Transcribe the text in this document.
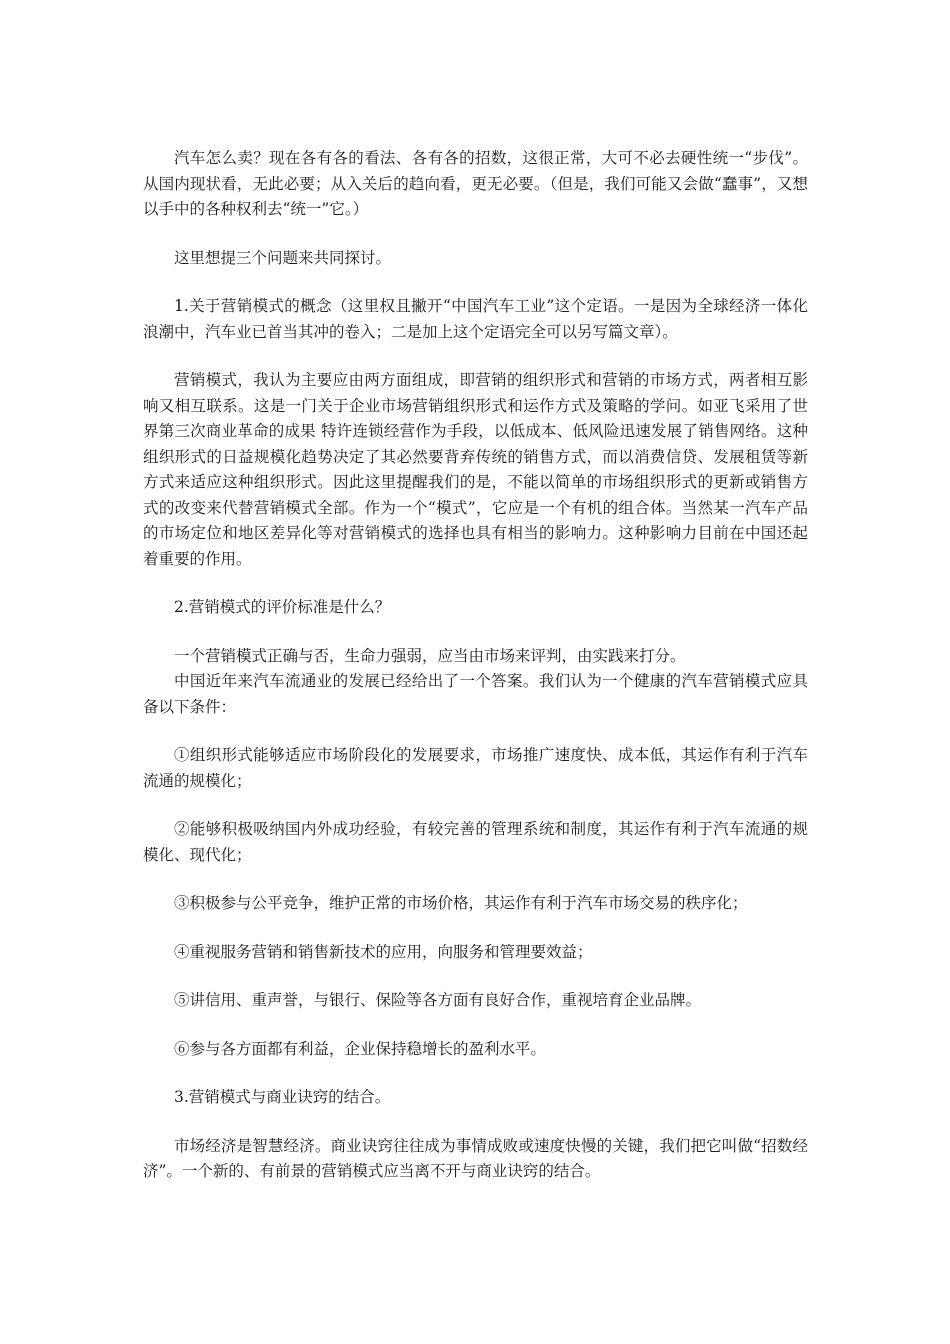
汽车怎么卖？现在各有各的看法、各有各的招数，这很正常，大可不必去硬性统一“步伐”。从国内现状看，无此必要；从入关后的趋向看，更无必要。（但是，我们可能又会做“蠢事”，又想以手中的各种权利去“统一”它。）

这里想提三个问题来共同探讨。

1.关于营销模式的概念（这里权且撇开“中国汽车工业”这个定语。一是因为全球经济一体化浪潮中，汽车业已首当其冲的卷入；二是加上这个定语完全可以另写篇文章）。

营销模式，我认为主要应由两方面组成，即营销的组织形式和营销的市场方式，两者相互影响又相互联系。这是一门关于企业市场营销组织形式和运作方式及策略的学问。如亚飞采用了世界第三次商业革命的成果 特许连锁经营作为手段，以低成本、低风险迅速发展了销售网络。这种组织形式的日益规模化趋势决定了其必然要背弃传统的销售方式，而以消费信贷、发展租赁等新方式来适应这种组织形式。因此这里提醒我们的是，不能以简单的市场组织形式的更新或销售方式的改变来代替营销模式全部。作为一个“模式”，它应是一个有机的组合体。当然某一汽车产品的市场定位和地区差异化等对营销模式的选择也具有相当的影响力。这种影响力目前在中国还起着重要的作用。

2.营销模式的评价标准是什么？

一个营销模式正确与否，生命力强弱，应当由市场来评判，由实践来打分。

中国近年来汽车流通业的发展已经给出了一个答案。我们认为一个健康的汽车营销模式应具备以下条件：

①组织形式能够适应市场阶段化的发展要求，市场推广速度快、成本低，其运作有利于汽车流通的规模化；

②能够积极吸纳国内外成功经验，有较完善的管理系统和制度，其运作有利于汽车流通的规模化、现代化；

③积极参与公平竞争，维护正常的市场价格，其运作有利于汽车市场交易的秩序化；

④重视服务营销和销售新技术的应用，向服务和管理要效益；

⑤讲信用、重声誉，与银行、保险等各方面有良好合作，重视培育企业品牌。

⑥参与各方面都有利益，企业保持稳增长的盈利水平。

3.营销模式与商业诀窍的结合。

市场经济是智慧经济。商业诀窍往往成为事情成败或速度快慢的关键，我们把它叫做“招数经济”。一个新的、有前景的营销模式应当离不开与商业诀窍的结合。
